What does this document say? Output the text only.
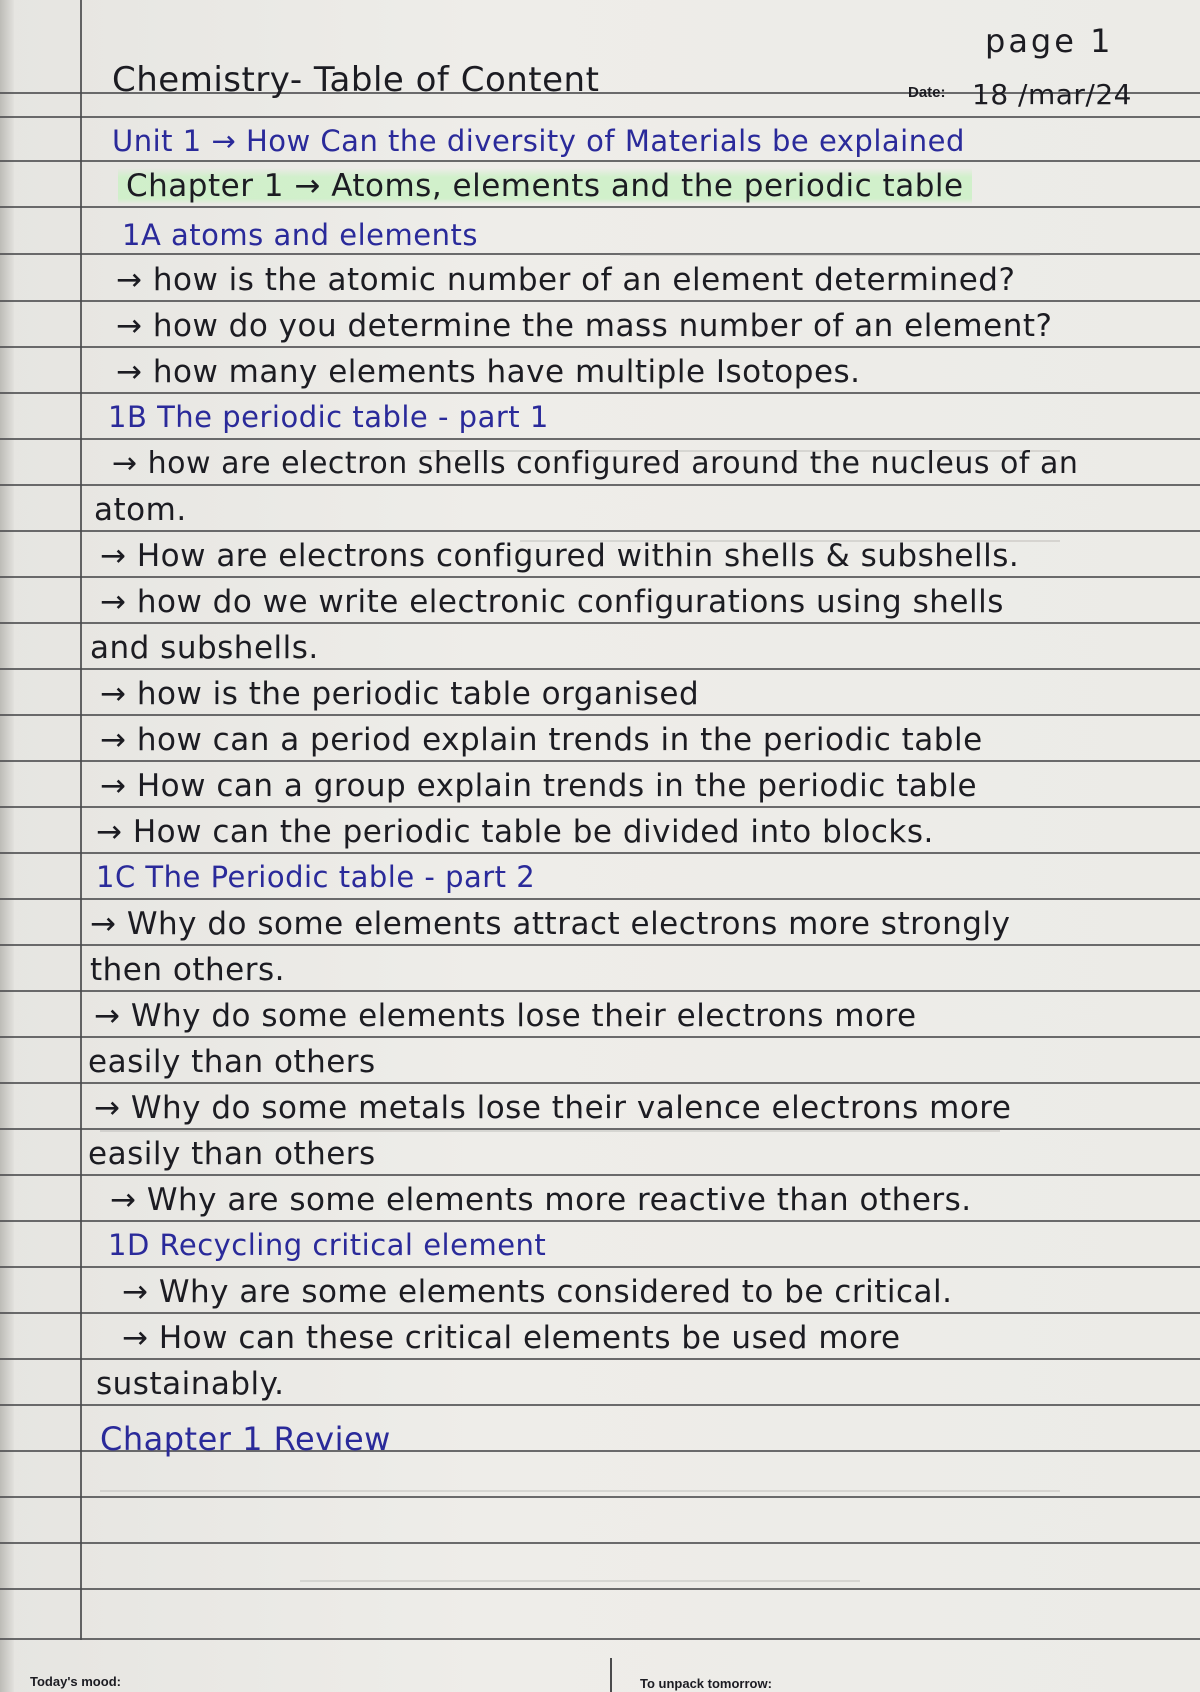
page 1
Chemistry- Table of Content	Date: 18 /mar/24
Unit 1 → How Can the diversity of Materials be explained
Chapter 1 → Atoms, elements and the periodic table
1A atoms and elements
→ how is the atomic number of an element determined?
→ how do you determine the mass number of an element?
→ how many elements have multiple Isotopes.
1B The periodic table - part 1
→ how are electron shells configured around the nucleus of an
atom.
→ How are electrons configured within shells & subshells.
→ how do we write electronic configurations using shells
and subshells.
→ how is the periodic table organised
→ how can a period explain trends in the periodic table
→ How can a group explain trends in the periodic table
→ How can the periodic table be divided into blocks.
1C The Periodic table - part 2
→ Why do some elements attract electrons more strongly
then others.
→ Why do some elements lose their electrons more
easily than others
→ Why do some metals lose their valence electrons more
easily than others
→ Why are some elements more reactive than others.
1D Recycling critical element
→ Why are some elements considered to be critical.
→ How can these critical elements be used more
sustainably.
Chapter 1 Review
Today's mood:	To unpack tomorrow:
